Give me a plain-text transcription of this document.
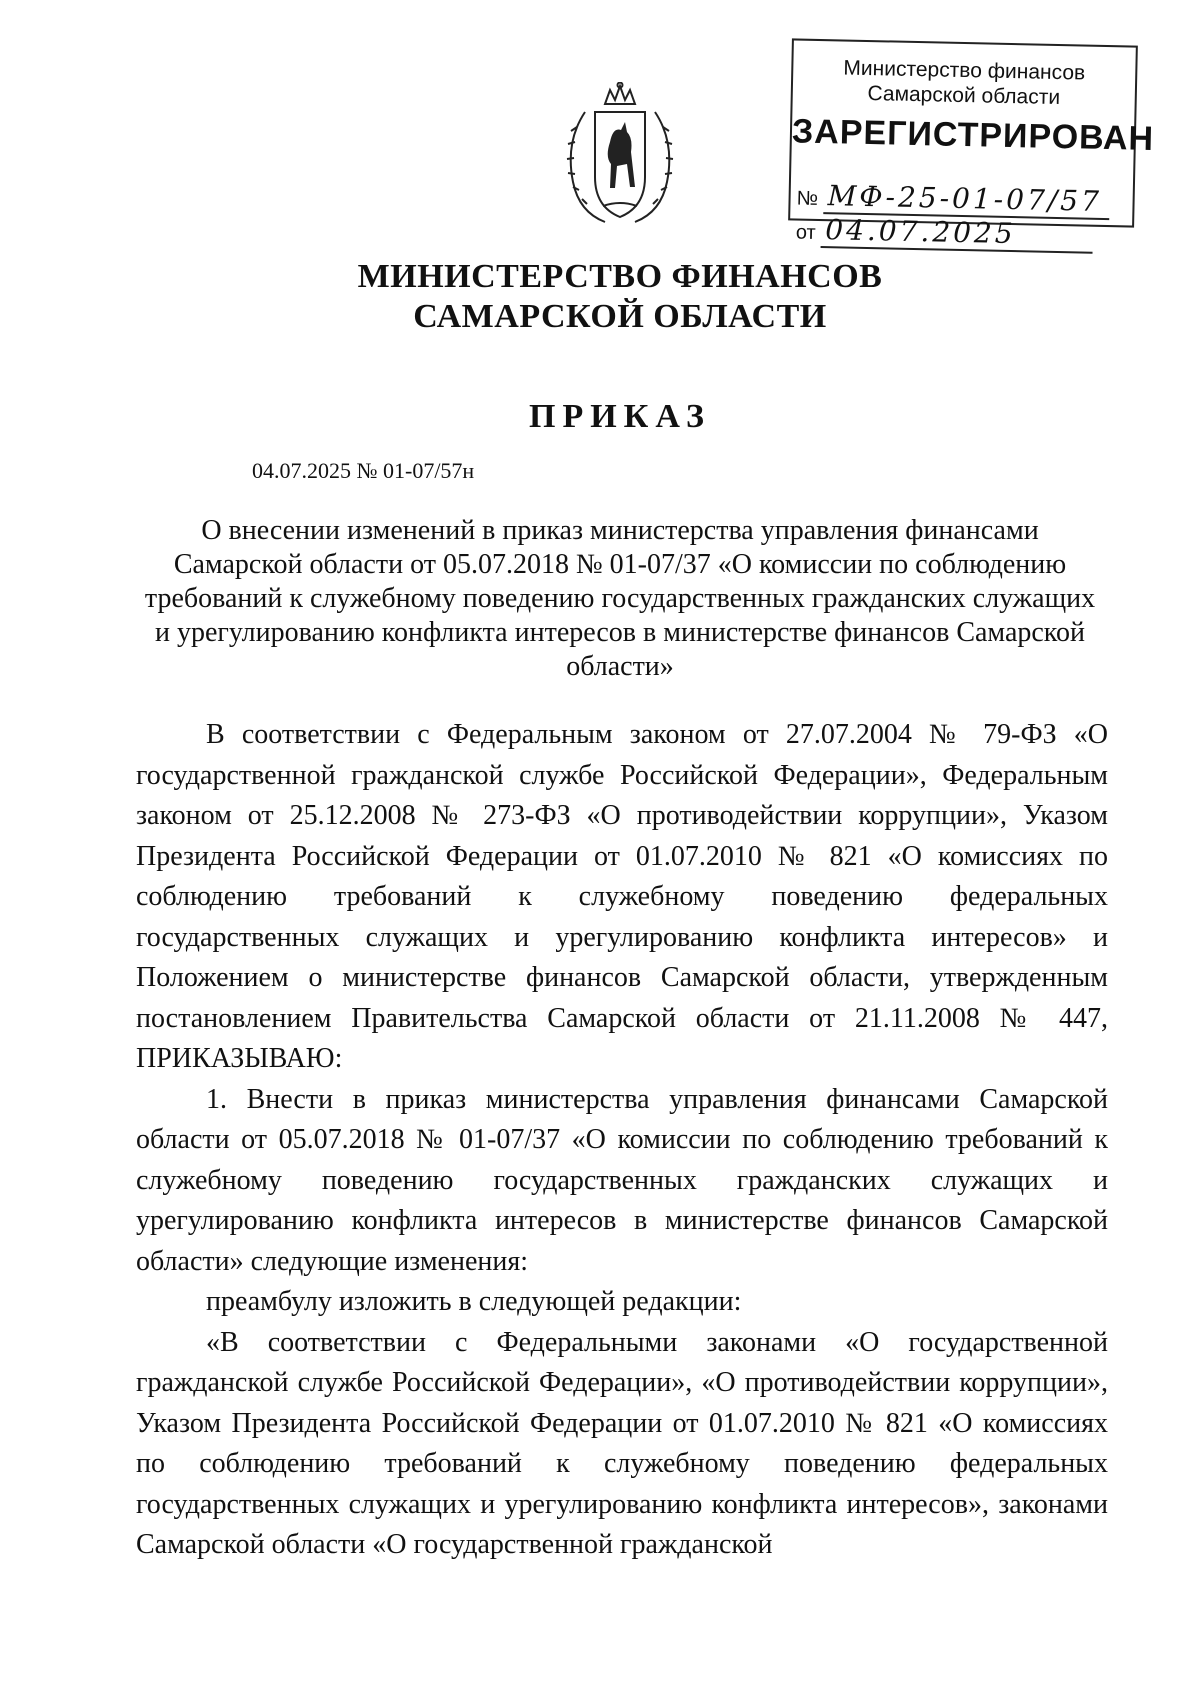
Министерство финансов
Самарской области
ЗАРЕГИСТРИРОВАН
№ МФ-25-01-07/57
от 04.07.2025
МИНИСТЕРСТВО ФИНАНСОВ
САМАРСКОЙ ОБЛАСТИ
ПРИКАЗ
04.07.2025 № 01-07/57н
О внесении изменений в приказ министерства управления финансами Самарской области от 05.07.2018 № 01-07/37 «О комиссии по соблюдению требований к служебному поведению государственных гражданских служащих и урегулированию конфликта интересов в министерстве финансов Самарской области»

В соответствии с Федеральным законом от 27.07.2004 № 79-ФЗ «О государственной гражданской службе Российской Федерации», Федеральным законом от 25.12.2008 № 273-ФЗ «О противодействии коррупции», Указом Президента Российской Федерации от 01.07.2010 № 821 «О комиссиях по соблюдению требований к служебному поведению федеральных государственных служащих и урегулированию конфликта интересов» и Положением о министерстве финансов Самарской области, утвержденным постановлением Правительства Самарской области от 21.11.2008 № 447, ПРИКАЗЫВАЮ:

1. Внести в приказ министерства управления финансами Самарской области от 05.07.2018 № 01-07/37 «О комиссии по соблюдению требований к служебному поведению государственных гражданских служащих и урегулированию конфликта интересов в министерстве финансов Самарской области» следующие изменения:

преамбулу изложить в следующей редакции:

«В соответствии с Федеральными законами «О государственной гражданской службе Российской Федерации», «О противодействии коррупции», Указом Президента Российской Федерации от 01.07.2010 № 821 «О комиссиях по соблюдению требований к служебному поведению федеральных государственных служащих и урегулированию конфликта интересов», законами Самарской области «О государственной гражданской
